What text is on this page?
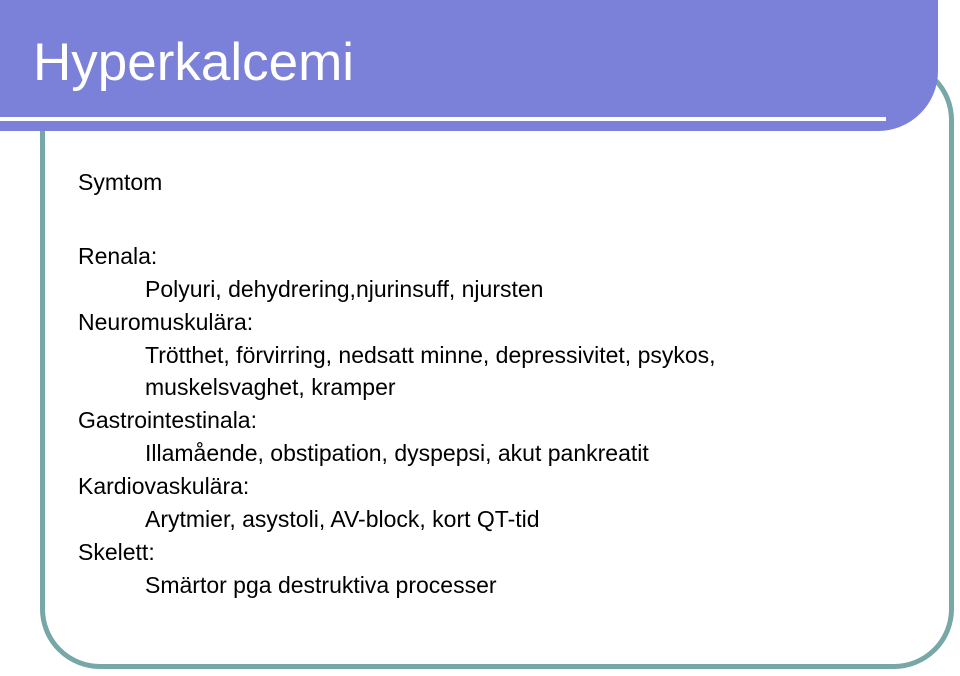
Hyperkalcemi
Symtom
Renala:
Polyuri, dehydrering,njurinsuff, njursten
Neuromuskulära:
Trötthet, förvirring, nedsatt minne, depressivitet, psykos,
muskelsvaghet, kramper
Gastrointestinala:
Illamående, obstipation, dyspepsi, akut pankreatit
Kardiovaskulära:
Arytmier, asystoli, AV-block, kort QT-tid
Skelett:
Smärtor pga destruktiva processer
